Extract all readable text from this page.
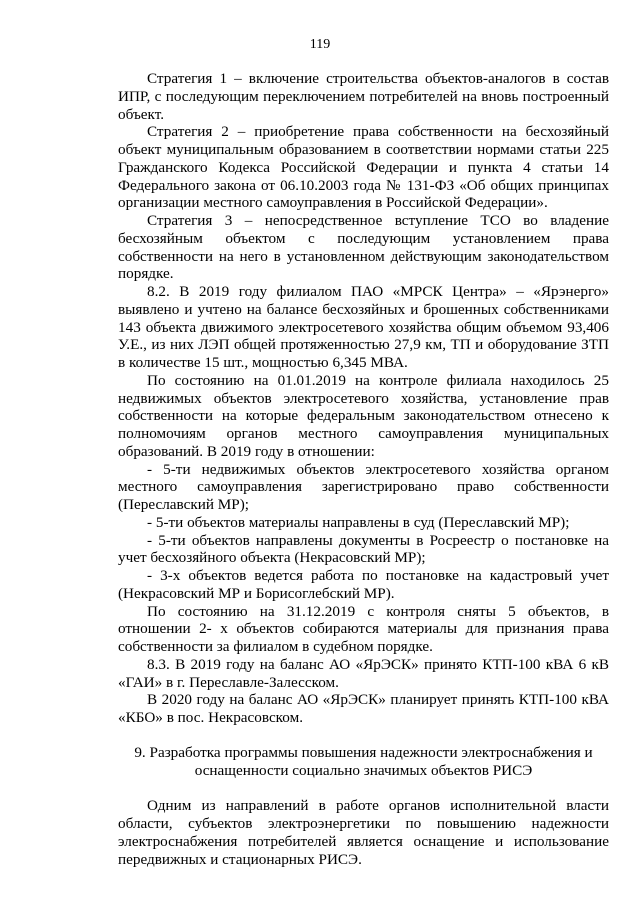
119

Стратегия 1 – включение строительства объектов-аналогов в состав ИПР, с последующим переключением потребителей на вновь построенный объект.

Стратегия 2 – приобретение права собственности на бесхозяйный объект муниципальным образованием в соответствии нормами статьи 225 Гражданского Кодекса Российской Федерации и пункта 4 статьи 14 Федерального закона от 06.10.2003 года № 131-ФЗ «Об общих принципах организации местного самоуправления в Российской Федерации».

Стратегия 3 – непосредственное вступление ТСО во владение бесхозяйным объектом с последующим установлением права собственности на него в установленном действующим законодательством порядке.

8.2. В 2019 году филиалом ПАО «МРСК Центра» – «Ярэнерго» выявлено и учтено на балансе бесхозяйных и брошенных собственниками 143 объекта движимого электросетевого хозяйства общим объемом 93,406 У.Е., из них ЛЭП общей протяженностью 27,9 км, ТП и оборудование ЗТП в количестве 15 шт., мощностью 6,345 МВА.

По состоянию на 01.01.2019 на контроле филиала находилось 25 недвижимых объектов электросетевого хозяйства, установление прав собственности на которые федеральным законодательством отнесено к полномочиям органов местного самоуправления муниципальных образований. В 2019 году в отношении:

- 5-ти недвижимых объектов электросетевого хозяйства органом местного самоуправления зарегистрировано право собственности (Переславский МР);

- 5-ти объектов материалы направлены в суд (Переславский МР);

- 5-ти объектов направлены документы в Росреестр о постановке на учет бесхозяйного объекта (Некрасовский МР);

- 3-х объектов ведется работа по постановке на кадастровый учет (Некрасовский МР и Борисоглебский МР).

По состоянию на 31.12.2019 с контроля сняты 5 объектов, в отношении 2- х объектов собираются материалы для признания права собственности за филиалом в судебном порядке.

8.3. В 2019 году на баланс АО «ЯрЭСК» принято КТП-100 кВА 6 кВ «ГАИ» в г. Переславле-Залесском.

В 2020 году на баланс АО «ЯрЭСК» планирует принять КТП-100 кВА «КБО» в пос. Некрасовском.

9. Разработка программы повышения надежности электроснабжения и
оснащенности социально значимых объектов РИСЭ

Одним из направлений в работе органов исполнительной власти области, субъектов электроэнергетики по повышению надежности электроснабжения потребителей является оснащение и использование передвижных и стационарных РИСЭ.
